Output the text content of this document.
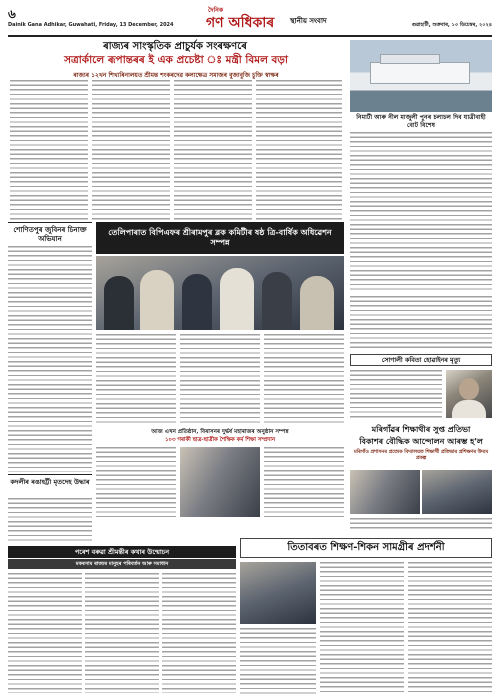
৬
Dainik Gana Adhikar, Guwahati, Friday, 13 December, 2024
দৈনিক
গণ অধিকাৰ স্থানীয় সংবাদ	গুৱাহাটী, শুক্ৰবাৰ, ১৩ ডিচেম্বৰ, ২০২৪
ৰাজ্যৰ সাংস্কৃতিক প্ৰাচুৰ্যক সংৰক্ষণৰে
সত্ৰাৰ্কালে ৰূপান্তৰৰ ই এক প্ৰচেষ্টা ঃ মন্ত্ৰী বিমল বড়া
ৰাজ্যৰ ১২খন শিখ্যৰিনালয়ত শ্ৰীমন্ত শংকৰদেৱ কলাক্ষেত্ৰ সমাজৰ বুজাবুজি চুক্তি স্বাক্ষৰ
নিমাটী আৰু নীল মাজুলী পুনৰ চলাচল দিব যাত্ৰীবাহী বোট বিশেষ
শোণিতপুৰ জুবিনৰ চিনাক্ত অভিযান
তেলিপাৰাত বিপিএফৰ শ্ৰীৰামপুৰ ব্লক কমিটীৰ ষষ্ঠ ত্ৰি-বাৰ্ষিক অধিৱেশন সম্পন্ন
আজ এখন প্ৰতিষ্ঠান, বিৰাসনৰ দুৰ্দ্ধৰ্ষ মহাৰাজৰ অনুষ্ঠান সম্পন্ন
১০৩ গৰাকী ছাত্ৰ-ছাত্ৰীক শৈক্ষিক কৰ্ম শিক্ষা সম্প্ৰদান
সোণালী কবিতা হোৱাইনৰ মৃত্যু
মৰিগাঁৱৰ শিক্ষাথীৰ সুপ্ত প্ৰতিভা
বিকাশৰ বৌদ্ধিক আন্দোলন আৰম্ভ হ'ল
মৰিগাঁও প্ৰশাসনৰ প্ৰত্যেক বিদ্যালয়ত শিক্ষাৰ্থী প্ৰতিভাৰ প্ৰশিক্ষণৰ উদ্যম প্ৰকল্প
কদলীৰ ৰঙাহট্টী মৃতদেহ উদ্ধাৰ
পৰেশ বৰুৱা শ্ৰীমন্তীৰ কথাৰ উন্মোচন
মকৰসাম ৰাজ্যৰ মানুহৰ পৰিবৰ্তন আৰু সমাধান
তিতাবৰত শিক্ষণ-শিকন সামগ্ৰীৰ প্ৰদৰ্শনী
